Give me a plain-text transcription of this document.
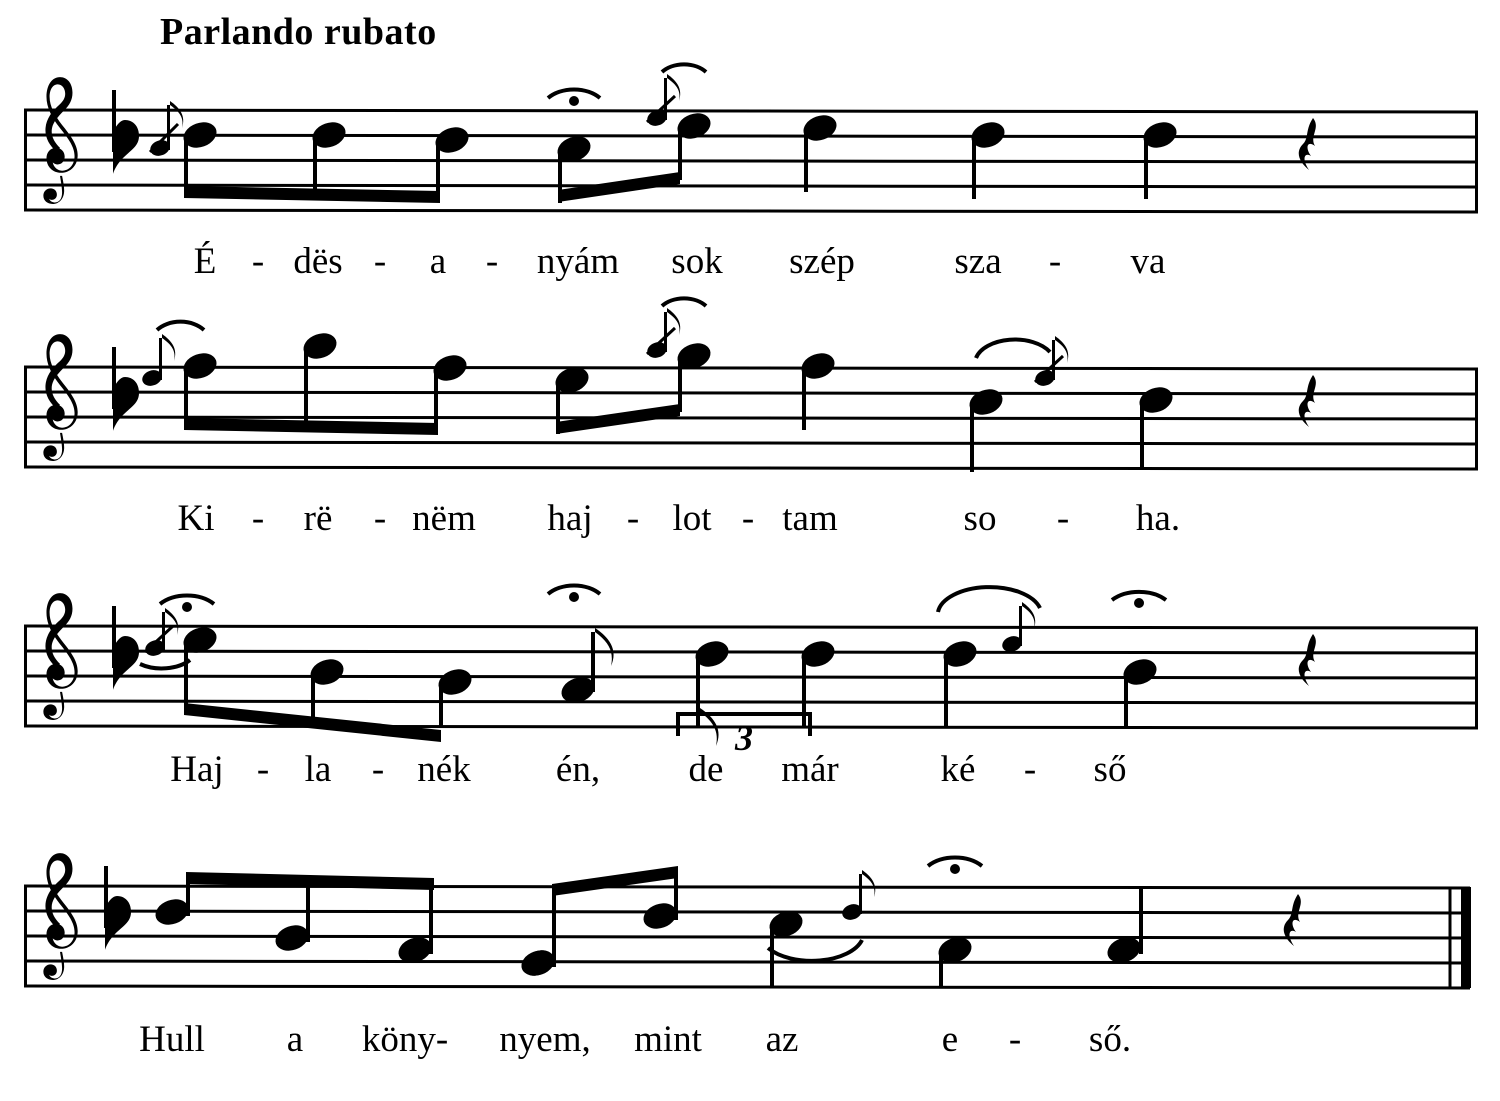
Parlando rubato
3
É - dës - a - nyám sok szép	sza - va
Ki - rë - nëm haj - lot - tam	so - ha.
Haj - la - nék én, de már	ké - ső
Hull a köny- nyem, mint az	e - ső.
